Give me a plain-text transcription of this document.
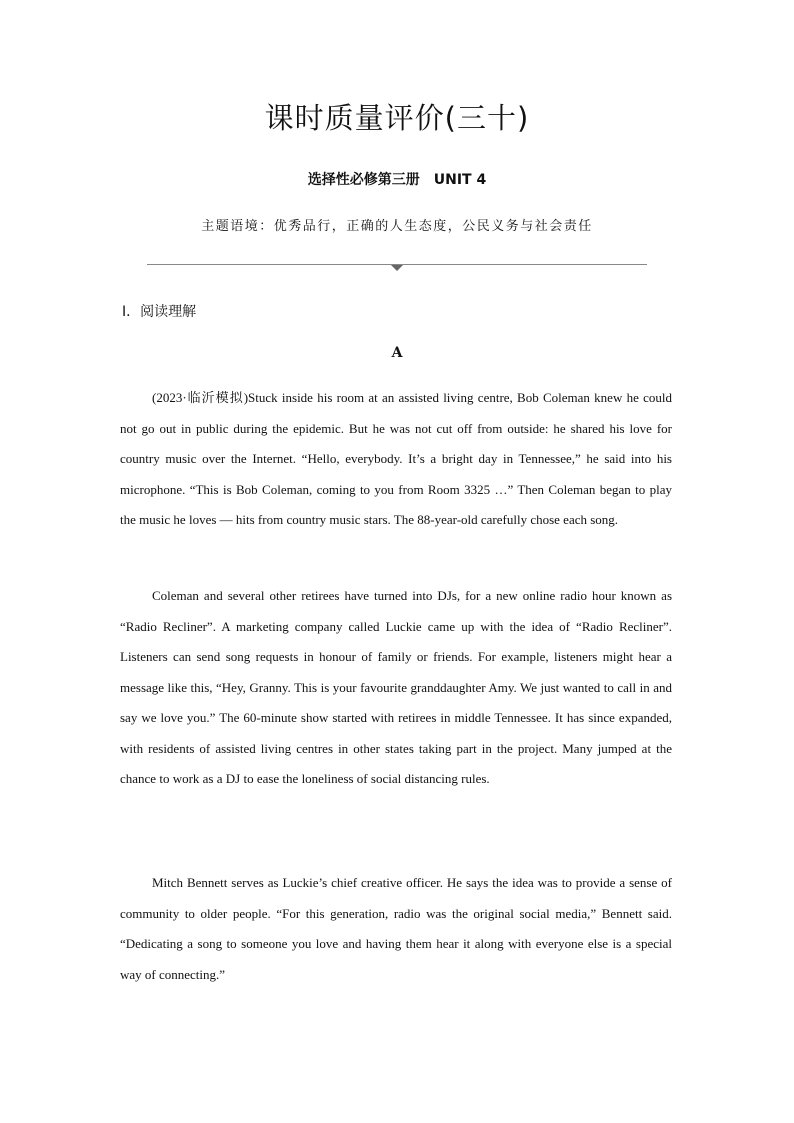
课时质量评价(三十)
选择性必修第三册　UNIT 4
主题语境：优秀品行，正确的人生态度，公民义务与社会责任
Ⅰ．阅读理解
A

(2023·临沂模拟)Stuck inside his room at an assisted living centre, Bob Coleman knew he could not go out in public during the epidemic. But he was not cut off from outside: he shared his love for country music over the Internet. “Hello, everybody. It’s a bright day in Tennessee,” he said into his microphone. “This is Bob Coleman, coming to you from Room 3325 …” Then Coleman began to play the music he loves — hits from country music stars. The 88-year-old carefully chose each song.

Coleman and several other retirees have turned into DJs, for a new online radio hour known as “Radio Recliner”. A marketing company called Luckie came up with the idea of “Radio Recliner”. Listeners can send song requests in honour of family or friends. For example, listeners might hear a message like this, “Hey, Granny. This is your favourite granddaughter Amy. We just wanted to call in and say we love you.” The 60-minute show started with retirees in middle Tennessee. It has since expanded, with residents of assisted living centres in other states taking part in the project. Many jumped at the chance to work as a DJ to ease the loneliness of social distancing rules.

Mitch Bennett serves as Luckie’s chief creative officer. He says the idea was to provide a sense of community to older people. “For this generation, radio was the original social media,” Bennett said. “Dedicating a song to someone you love and having them hear it along with everyone else is a special way of connecting.”
